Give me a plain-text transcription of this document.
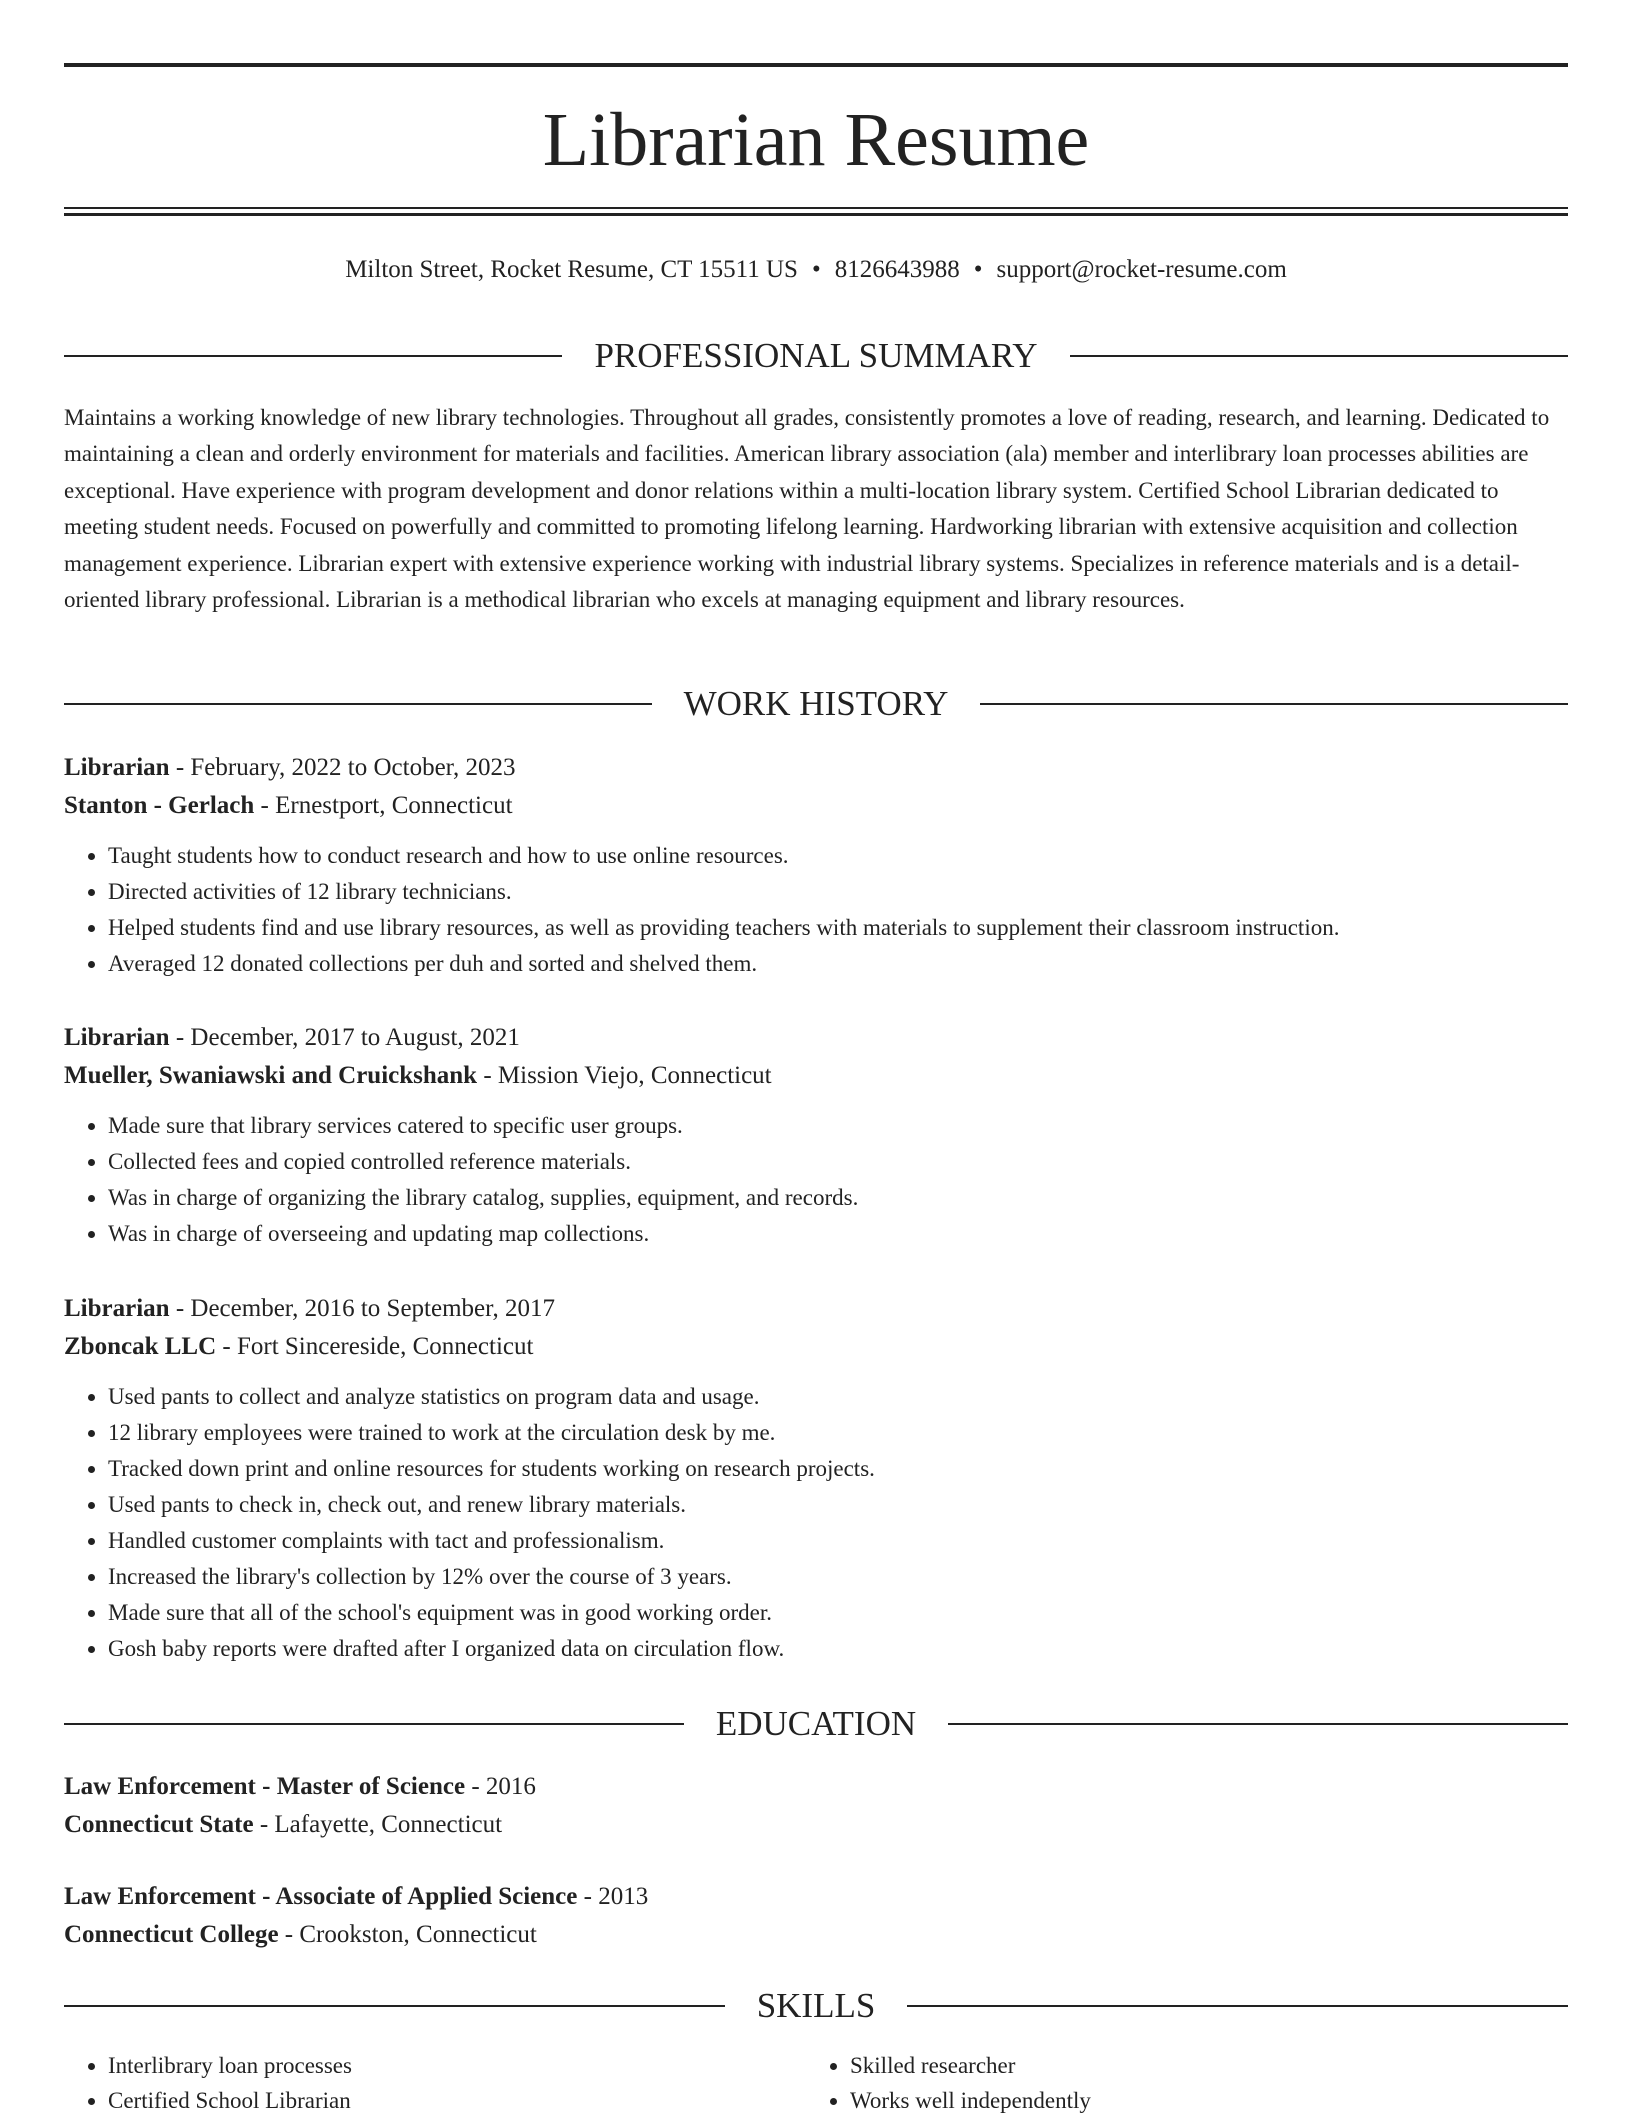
Librarian Resume
Milton Street, Rocket Resume, CT 15511 US • 8126643988 • support@rocket-resume.com
PROFESSIONAL SUMMARY

Maintains a working knowledge of new library technologies. Throughout all grades, consistently promotes a love of reading, research, and learning. Dedicated to maintaining a clean and orderly environment for materials and facilities. American library association (ala) member and interlibrary loan processes abilities are exceptional. Have experience with program development and donor relations within a multi-location library system. Certified School Librarian dedicated to meeting student needs. Focused on powerfully and committed to promoting lifelong learning. Hardworking librarian with extensive acquisition and collection management experience. Librarian expert with extensive experience working with industrial library systems. Specializes in reference materials and is a detail-oriented library professional. Librarian is a methodical librarian who excels at managing equipment and library resources.

WORK HISTORY
Librarian - February, 2022 to October, 2023
Stanton - Gerlach - Ernestport, Connecticut
• Taught students how to conduct research and how to use online resources.
• Directed activities of 12 library technicians.
• Helped students find and use library resources, as well as providing teachers with materials to supplement their classroom instruction.
• Averaged 12 donated collections per duh and sorted and shelved them.
Librarian - December, 2017 to August, 2021
Mueller, Swaniawski and Cruickshank - Mission Viejo, Connecticut
• Made sure that library services catered to specific user groups.
• Collected fees and copied controlled reference materials.
• Was in charge of organizing the library catalog, supplies, equipment, and records.
• Was in charge of overseeing and updating map collections.
Librarian - December, 2016 to September, 2017
Zboncak LLC - Fort Sincereside, Connecticut
• Used pants to collect and analyze statistics on program data and usage.
• 12 library employees were trained to work at the circulation desk by me.
• Tracked down print and online resources for students working on research projects.
• Used pants to check in, check out, and renew library materials.
• Handled customer complaints with tact and professionalism.
• Increased the library's collection by 12% over the course of 3 years.
• Made sure that all of the school's equipment was in good working order.
• Gosh baby reports were drafted after I organized data on circulation flow.
EDUCATION
Law Enforcement - Master of Science - 2016
Connecticut State - Lafayette, Connecticut
Law Enforcement - Associate of Applied Science - 2013
Connecticut College - Crookston, Connecticut
SKILLS
• Interlibrary loan processes
• Certified School Librarian
• Skilled researcher
• Works well independently
